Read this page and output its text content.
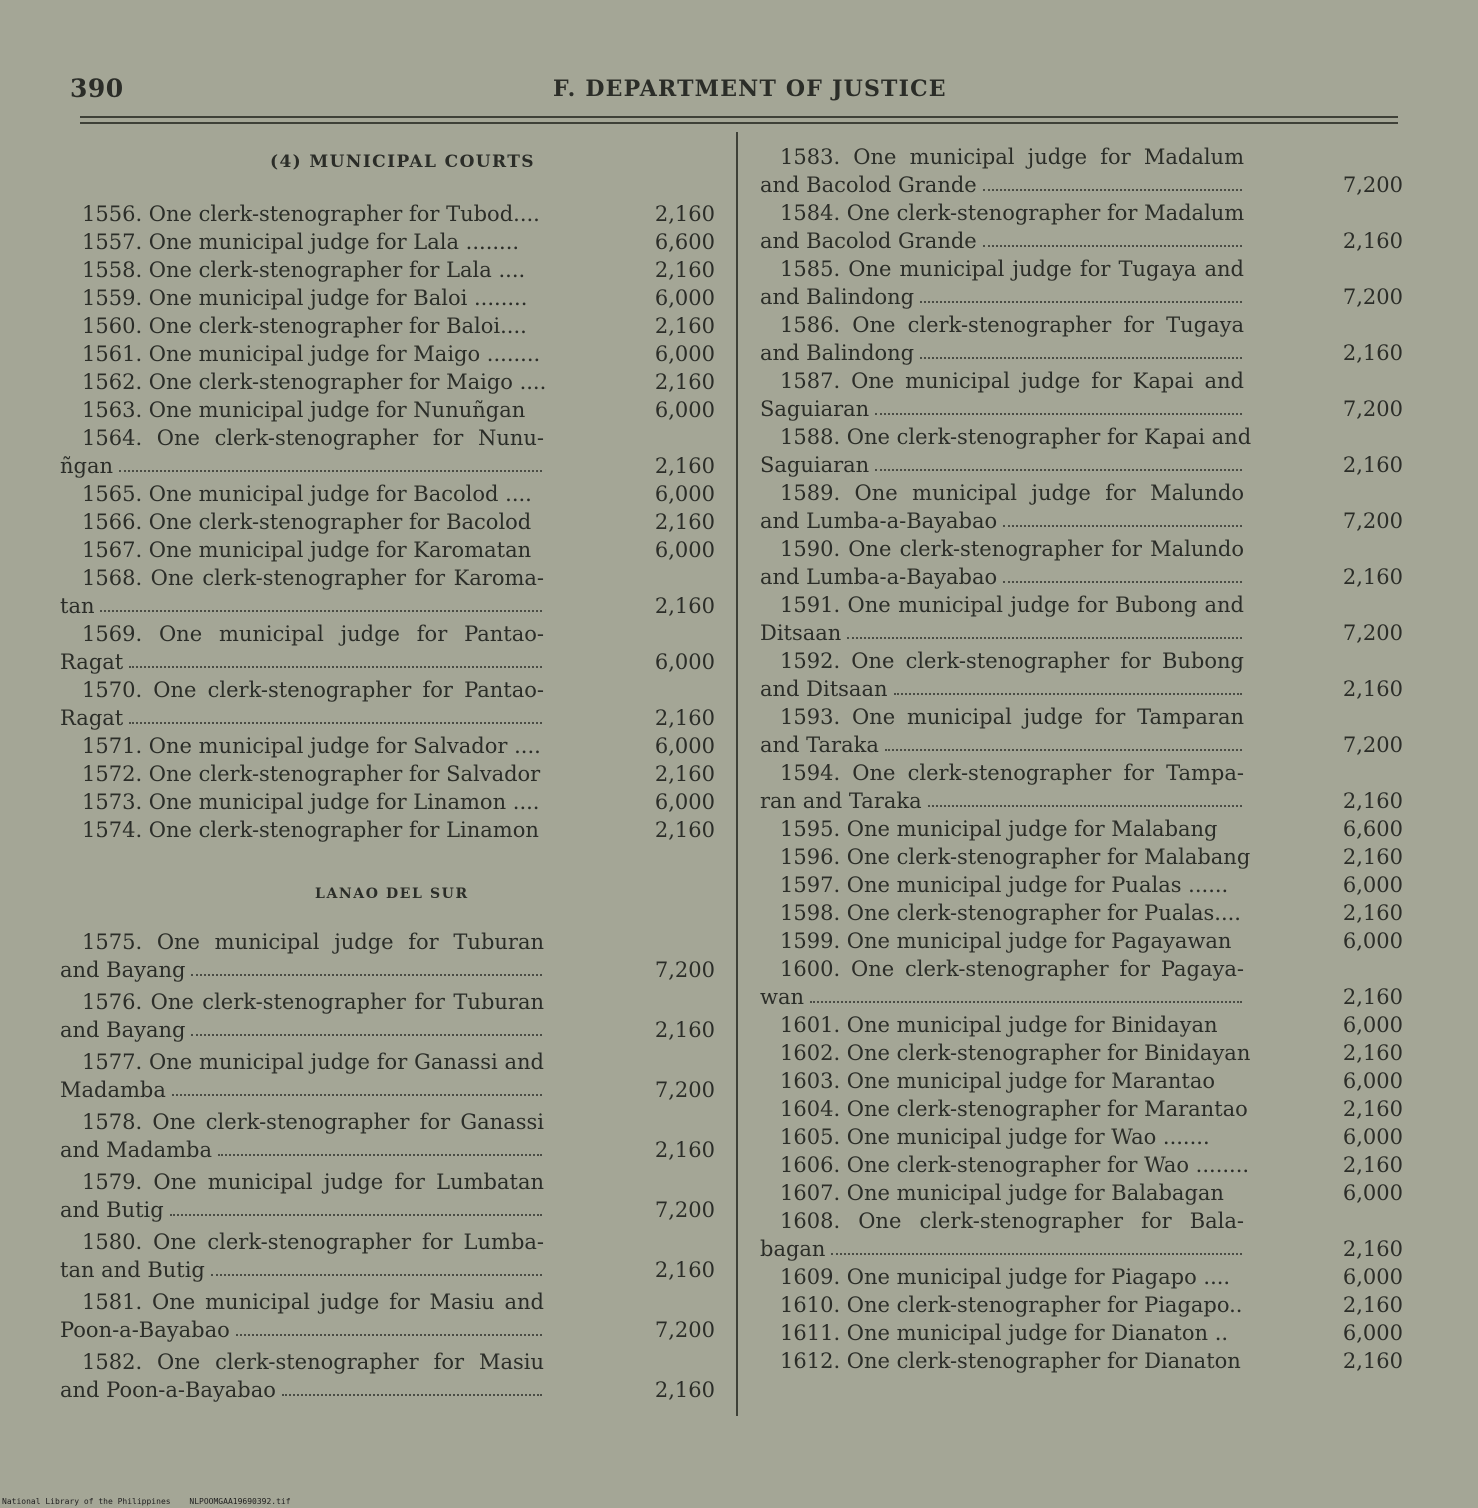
390	F. DEPARTMENT OF JUSTICE
(4) MUNICIPAL COURTS
LANAO DEL SUR
1556. One clerk-stenographer for Tubod....	2,160
1557. One municipal judge for Lala ........	6,600
1558. One clerk-stenographer for Lala ....	2,160
1559. One municipal judge for Baloi ........	6,000
1560. One clerk-stenographer for Baloi....	2,160
1561. One municipal judge for Maigo ........	6,000
1562. One clerk-stenographer for Maigo ....	2,160
1563. One municipal judge for Nunuñgan	6,000
1564. One clerk-stenographer for Nunu-
ñgan	2,160
1565. One municipal judge for Bacolod ....	6,000
1566. One clerk-stenographer for Bacolod	2,160
1567. One municipal judge for Karomatan	6,000
1568. One clerk-stenographer for Karoma-
tan	2,160
1569. One municipal judge for Pantao-
Ragat	6,000
1570. One clerk-stenographer for Pantao-
Ragat	2,160
1571. One municipal judge for Salvador ....	6,000
1572. One clerk-stenographer for Salvador	2,160
1573. One municipal judge for Linamon ....	6,000
1574. One clerk-stenographer for Linamon	2,160
1575. One municipal judge for Tuburan
and Bayang	7,200
1576. One clerk-stenographer for Tuburan
and Bayang	2,160
1577. One municipal judge for Ganassi and
Madamba	7,200
1578. One clerk-stenographer for Ganassi
and Madamba	2,160
1579. One municipal judge for Lumbatan
and Butig	7,200
1580. One clerk-stenographer for Lumba-
tan and Butig	2,160
1581. One municipal judge for Masiu and
Poon-a-Bayabao	7,200
1582. One clerk-stenographer for Masiu
and Poon-a-Bayabao	2,160
1583. One municipal judge for Madalum
and Bacolod Grande	7,200
1584. One clerk-stenographer for Madalum
and Bacolod Grande	2,160
1585. One municipal judge for Tugaya and
and Balindong	7,200
1586. One clerk-stenographer for Tugaya
and Balindong	2,160
1587. One municipal judge for Kapai and
Saguiaran	7,200
1588. One clerk-stenographer for Kapai and
Saguiaran	2,160
1589. One municipal judge for Malundo
and Lumba-a-Bayabao	7,200
1590. One clerk-stenographer for Malundo
and Lumba-a-Bayabao	2,160
1591. One municipal judge for Bubong and
Ditsaan	7,200
1592. One clerk-stenographer for Bubong
and Ditsaan	2,160
1593. One municipal judge for Tamparan
and Taraka	7,200
1594. One clerk-stenographer for Tampa-
ran and Taraka	2,160
1595. One municipal judge for Malabang	6,600
1596. One clerk-stenographer for Malabang	2,160
1597. One municipal judge for Pualas ......	6,000
1598. One clerk-stenographer for Pualas....	2,160
1599. One municipal judge for Pagayawan	6,000
1600. One clerk-stenographer for Pagaya-
wan	2,160
1601. One municipal judge for Binidayan	6,000
1602. One clerk-stenographer for Binidayan	2,160
1603. One municipal judge for Marantao	6,000
1604. One clerk-stenographer for Marantao	2,160
1605. One municipal judge for Wao .......	6,000
1606. One clerk-stenographer for Wao ........	2,160
1607. One municipal judge for Balabagan	6,000
1608. One clerk-stenographer for Bala-
bagan	2,160
1609. One municipal judge for Piagapo ....	6,000
1610. One clerk-stenographer for Piagapo..	2,160
1611. One municipal judge for Dianaton ..	6,000
1612. One clerk-stenographer for Dianaton	2,160
National Library of the Philippines NLPOOMGAA19690392.tif
